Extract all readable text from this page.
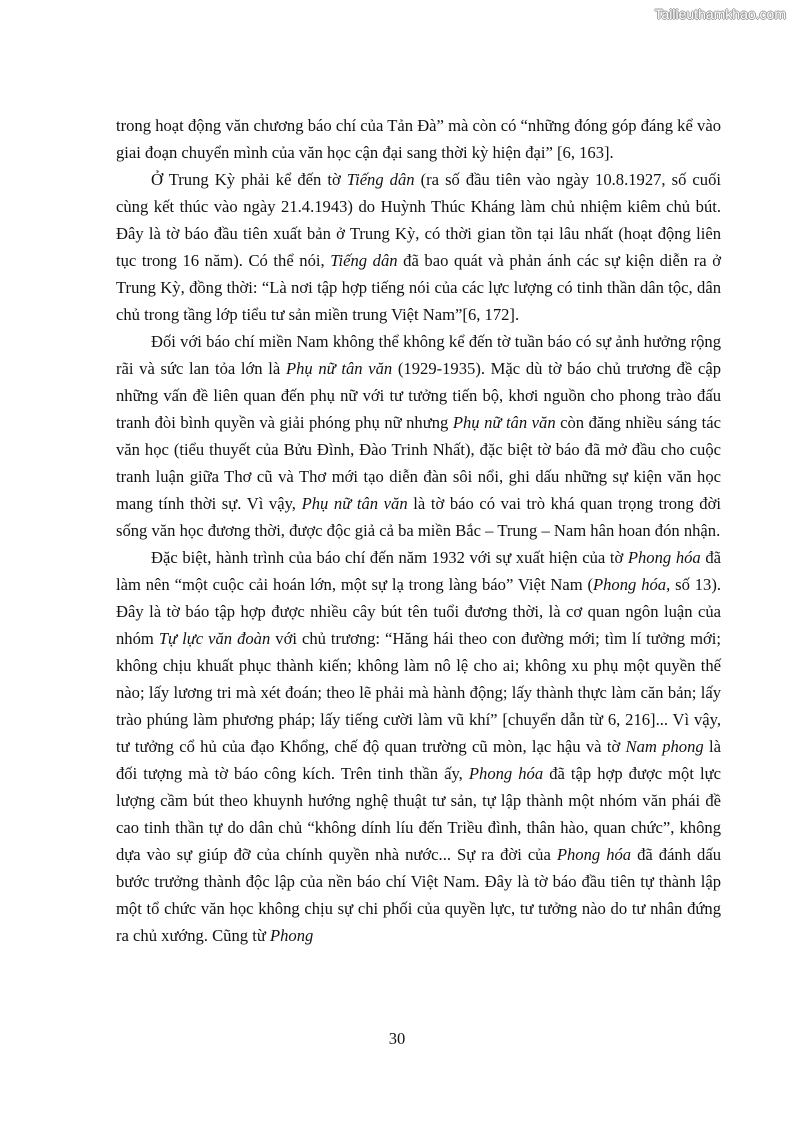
Tailieuthamkhao.com

trong hoạt động văn chương báo chí của Tản Đà” mà còn có “những đóng góp đáng kể vào giai đoạn chuyển mình của văn học cận đại sang thời kỳ hiện đại” [6, 163].

Ở Trung Kỳ phải kể đến tờ Tiếng dân (ra số đầu tiên vào ngày 10.8.1927, số cuối cùng kết thúc vào ngày 21.4.1943) do Huỳnh Thúc Kháng làm chủ nhiệm kiêm chủ bút. Đây là tờ báo đầu tiên xuất bản ở Trung Kỳ, có thời gian tồn tại lâu nhất (hoạt động liên tục trong 16 năm). Có thể nói, Tiếng dân đã bao quát và phản ánh các sự kiện diễn ra ở Trung Kỳ, đồng thời: “Là nơi tập hợp tiếng nói của các lực lượng có tinh thần dân tộc, dân chủ trong tầng lớp tiểu tư sản miền trung Việt Nam”[6, 172].

Đối với báo chí miền Nam không thể không kể đến tờ tuần báo có sự ảnh hưởng rộng rãi và sức lan tỏa lớn là Phụ nữ tân văn (1929-1935). Mặc dù tờ báo chủ trương đề cập những vấn đề liên quan đến phụ nữ với tư tưởng tiến bộ, khơi nguồn cho phong trào đấu tranh đòi bình quyền và giải phóng phụ nữ nhưng Phụ nữ tân văn còn đăng nhiều sáng tác văn học (tiểu thuyết của Bửu Đình, Đào Trinh Nhất), đặc biệt tờ báo đã mở đầu cho cuộc tranh luận giữa Thơ cũ và Thơ mới tạo diễn đàn sôi nổi, ghi dấu những sự kiện văn học mang tính thời sự. Vì vậy, Phụ nữ tân văn là tờ báo có vai trò khá quan trọng trong đời sống văn học đương thời, được độc giả cả ba miền Bắc – Trung – Nam hân hoan đón nhận.

Đặc biệt, hành trình của báo chí đến năm 1932 với sự xuất hiện của tờ Phong hóa đã làm nên “một cuộc cải hoán lớn, một sự lạ trong làng báo” Việt Nam (Phong hóa, số 13). Đây là tờ báo tập hợp được nhiều cây bút tên tuổi đương thời, là cơ quan ngôn luận của nhóm Tự lực văn đoàn với chủ trương: “Hăng hái theo con đường mới; tìm lí tưởng mới; không chịu khuất phục thành kiến; không làm nô lệ cho ai; không xu phụ một quyền thế nào; lấy lương tri mà xét đoán; theo lẽ phải mà hành động; lấy thành thực làm căn bản; lấy trào phúng làm phương pháp; lấy tiếng cười làm vũ khí” [chuyển dẫn từ 6, 216]... Vì vậy, tư tưởng cổ hủ của đạo Khổng, chế độ quan trường cũ mòn, lạc hậu và tờ Nam phong là đối tượng mà tờ báo công kích. Trên tinh thần ấy, Phong hóa đã tập hợp được một lực lượng cầm bút theo khuynh hướng nghệ thuật tư sản, tự lập thành một nhóm văn phái đề cao tinh thần tự do dân chủ “không dính líu đến Triều đình, thân hào, quan chức”, không dựa vào sự giúp đỡ của chính quyền nhà nước... Sự ra đời của Phong hóa đã đánh dấu bước trưởng thành độc lập của nền báo chí Việt Nam. Đây là tờ báo đầu tiên tự thành lập một tổ chức văn học không chịu sự chi phối của quyền lực, tư tưởng nào do tư nhân đứng ra chủ xướng. Cũng từ Phong

30
